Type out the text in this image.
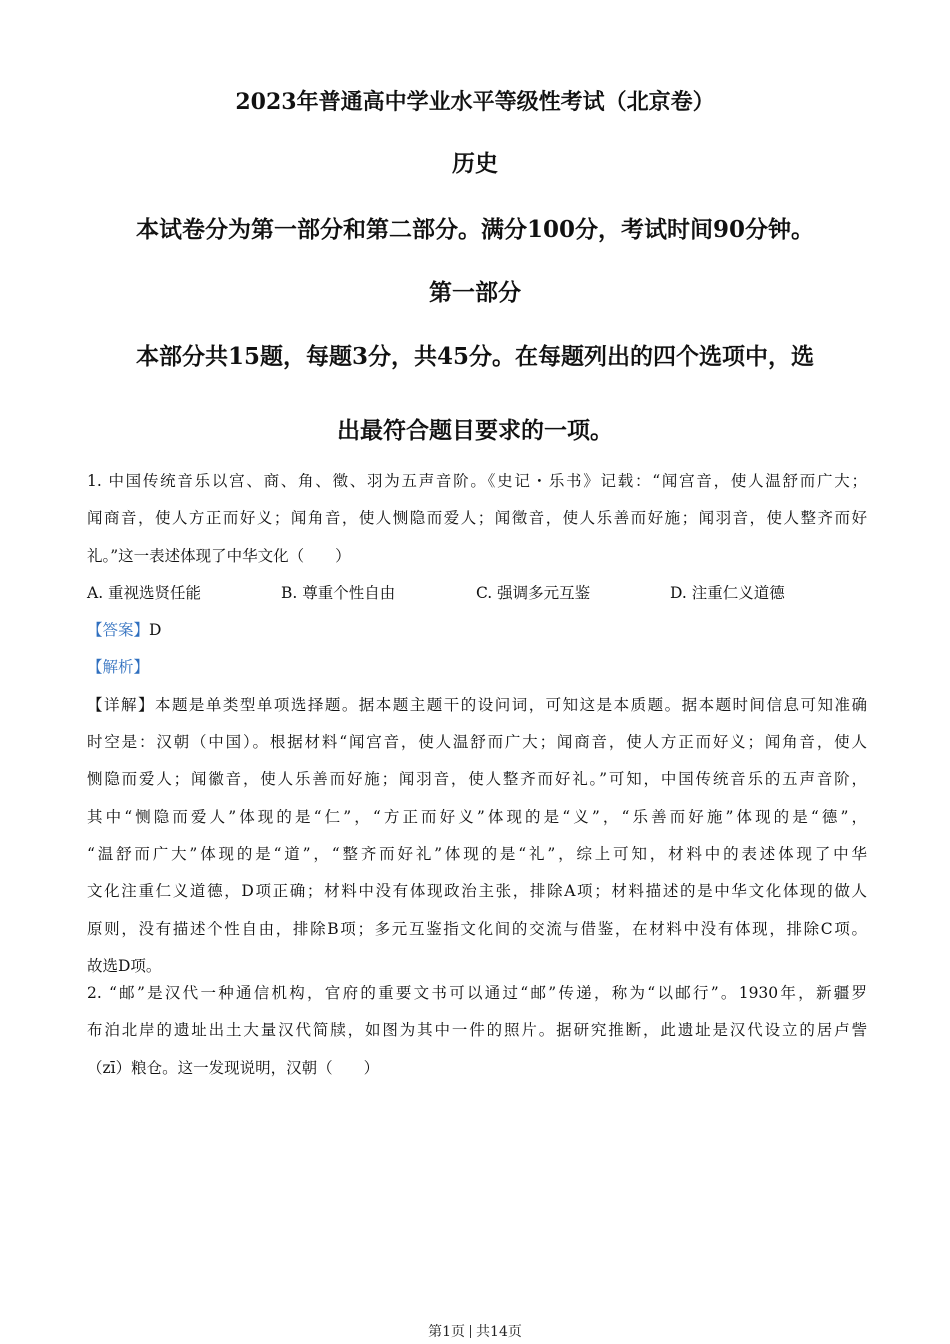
2023年普通高中学业水平等级性考试（北京卷）
历史
本试卷分为第一部分和第二部分。满分100分，考试时间90分钟。
第一部分
本部分共15题，每题3分，共45分。在每题列出的四个选项中，选
出最符合题目要求的一项。
1. 中国传统音乐以宫、商、角、徵、羽为五声音阶。《史记・乐书》记载：“闻宫音，使人温舒而广大；
闻商音，使人方正而好义；闻角音，使人恻隐而爱人；闻徵音，使人乐善而好施；闻羽音，使人整齐而好
礼。”这一表述体现了中华文化（　　）
A. 重视选贤任能	B. 尊重个性自由	C. 强调多元互鉴	D. 注重仁义道德
【答案】D
【解析】
【详解】本题是单类型单项选择题。据本题主题干的设问词，可知这是本质题。据本题时间信息可知准确
时空是：汉朝（中国）。根据材料“闻宫音，使人温舒而广大；闻商音，使人方正而好义；闻角音，使人
恻隐而爱人；闻徽音，使人乐善而好施；闻羽音，使人整齐而好礼。”可知，中国传统音乐的五声音阶，
其中“恻隐而爱人”体现的是“仁”，“方正而好义”体现的是“义”，“乐善而好施”体现的是“德”，
“温舒而广大”体现的是“道”，“整齐而好礼”体现的是“礼”，综上可知，材料中的表述体现了中华
文化注重仁义道德，D项正确；材料中没有体现政治主张，排除A项；材料描述的是中华文化体现的做人
原则，没有描述个性自由，排除B项；多元互鉴指文化间的交流与借鉴，在材料中没有体现，排除C项。
故选D项。
2. “邮”是汉代一种通信机构，官府的重要文书可以通过“邮”传递，称为“以邮行”。1930年，新疆罗
布泊北岸的遗址出土大量汉代简牍，如图为其中一件的照片。据研究推断，此遗址是汉代设立的居卢訾
（zī）粮仓。这一发现说明，汉朝（　　）
第1页 共14页
